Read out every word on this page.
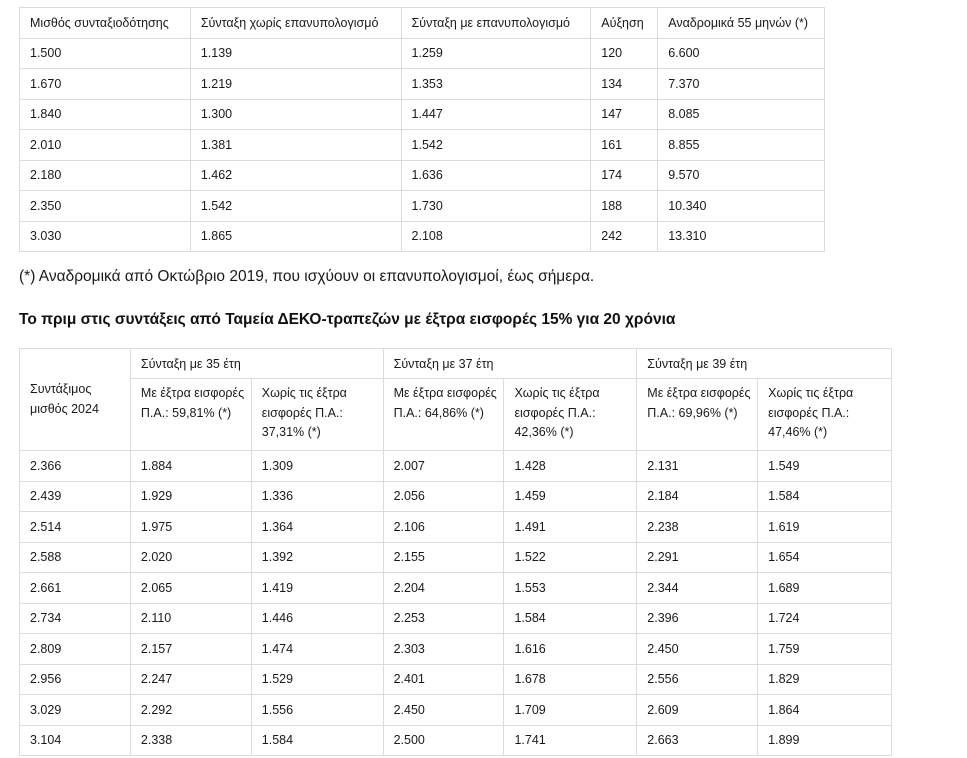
Μισθός συνταξιοδότησης	Σύνταξη χωρίς επανυπολογισμό	Σύνταξη με επανυπολογισμό	Αύξηση	Αναδρομικά 55 μηνών (*)
1.500	1.139	1.259	120	6.600
1.670	1.219	1.353	134	7.370
1.840	1.300	1.447	147	8.085
2.010	1.381	1.542	161	8.855
2.180	1.462	1.636	174	9.570
2.350	1.542	1.730	188	10.340
3.030	1.865	2.108	242	13.310

(*) Αναδρομικά από Οκτώβριο 2019, που ισχύουν οι επανυπολογισμοί, έως σήμερα.

Το πριμ στις συντάξεις από Ταμεία ΔΕΚΟ-τραπεζών με έξτρα εισφορές 15% για 20 χρόνια

Συντάξιμος μισθός 2024	Σύνταξη με 35 έτη		Σύνταξη με 37 έτη		Σύνταξη με 39 έτη	
	Με έξτρα εισφορές Π.Α.: 59,81% (*)	Χωρίς τις έξτρα εισφορές Π.Α.: 37,31% (*)	Με έξτρα εισφορές Π.Α.: 64,86% (*)	Χωρίς τις έξτρα εισφορές Π.Α.: 42,36% (*)	Με έξτρα εισφορές Π.Α.: 69,96% (*)	Χωρίς τις έξτρα εισφορές Π.Α.: 47,46% (*)
2.366	1.884	1.309	2.007	1.428	2.131	1.549
2.439	1.929	1.336	2.056	1.459	2.184	1.584
2.514	1.975	1.364	2.106	1.491	2.238	1.619
2.588	2.020	1.392	2.155	1.522	2.291	1.654
2.661	2.065	1.419	2.204	1.553	2.344	1.689
2.734	2.110	1.446	2.253	1.584	2.396	1.724
2.809	2.157	1.474	2.303	1.616	2.450	1.759
2.956	2.247	1.529	2.401	1.678	2.556	1.829
3.029	2.292	1.556	2.450	1.709	2.609	1.864
3.104	2.338	1.584	2.500	1.741	2.663	1.899
